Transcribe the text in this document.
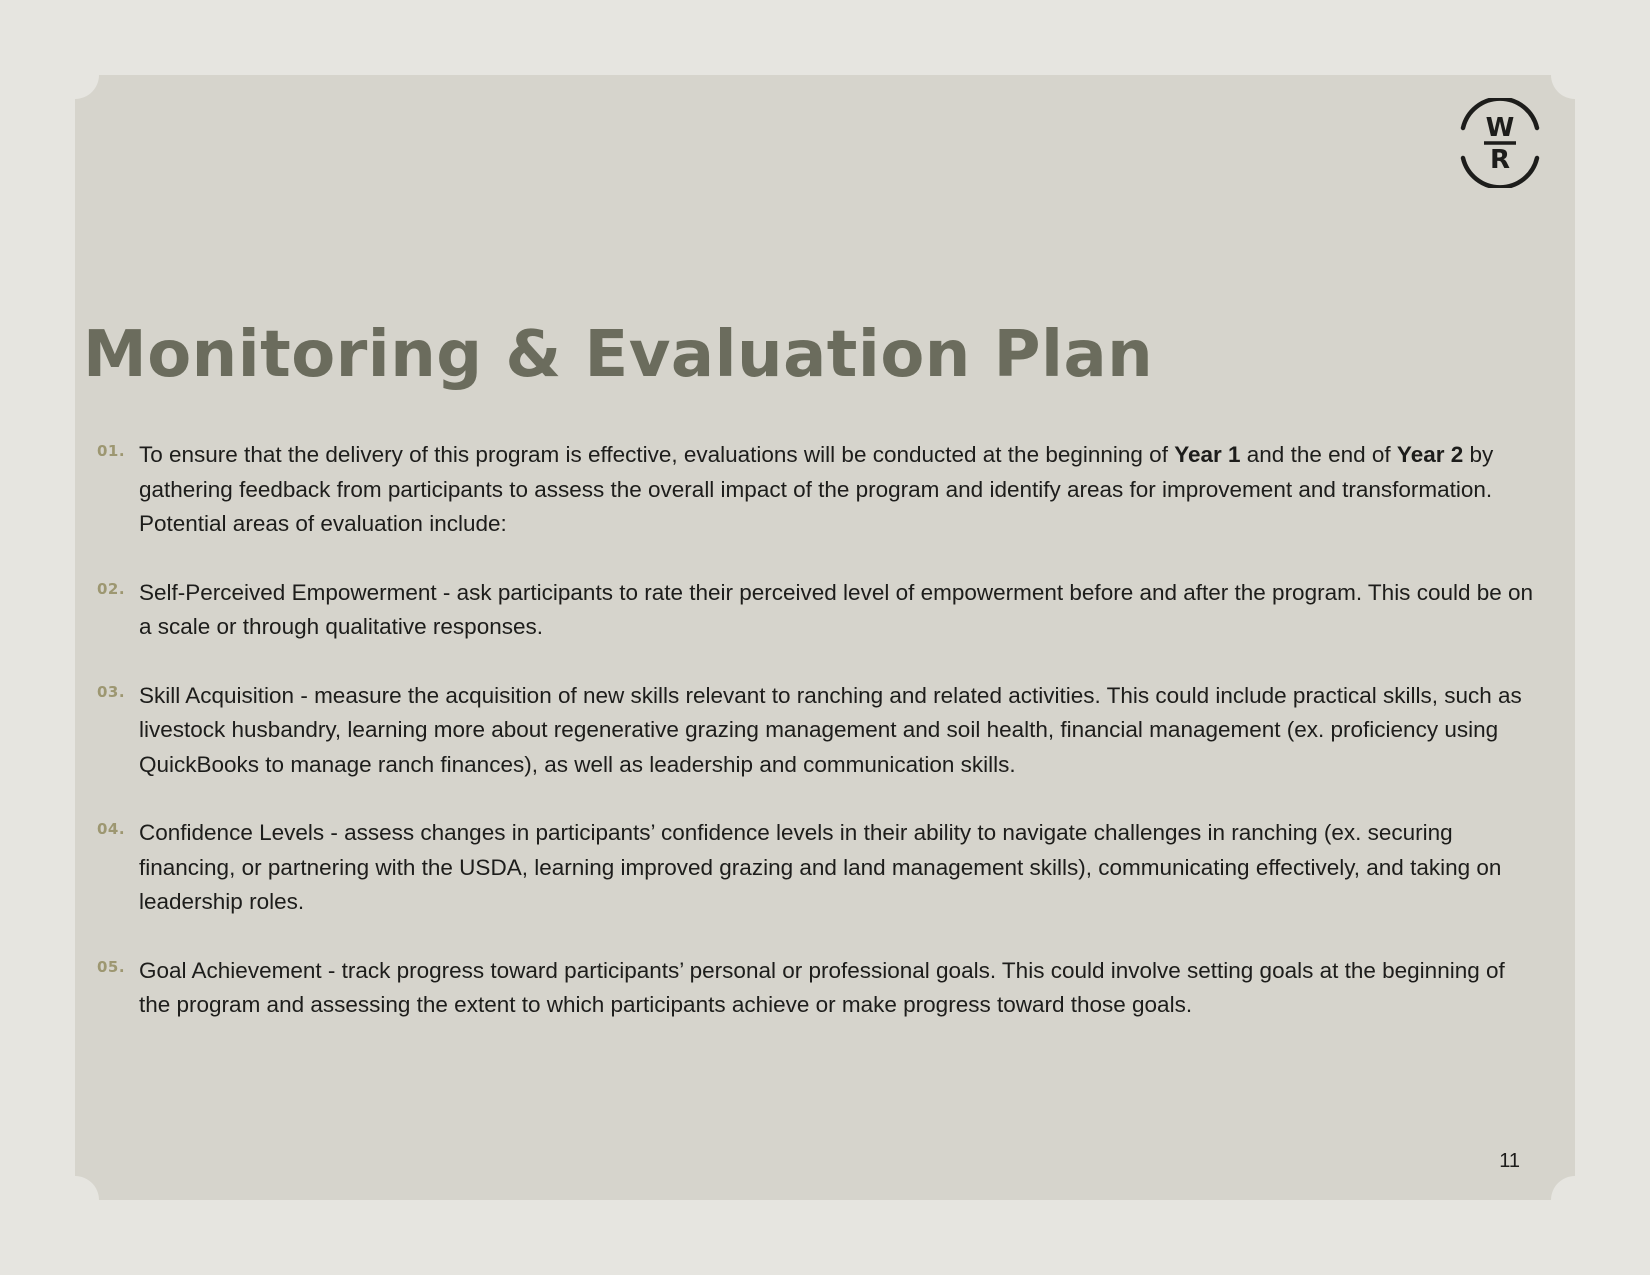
W
R
Monitoring & Evaluation Plan
01. To ensure that the delivery of this program is effective, evaluations will be conducted at the beginning of Year 1 and the end of Year 2 by gathering feedback from participants to assess the overall impact of the program and identify areas for improvement and transformation. Potential areas of evaluation include:
02. Self-Perceived Empowerment - ask participants to rate their perceived level of empowerment before and after the program. This could be on a scale or through qualitative responses.
03. Skill Acquisition - measure the acquisition of new skills relevant to ranching and related activities. This could include practical skills, such as livestock husbandry, learning more about regenerative grazing management and soil health, financial management (ex. proficiency using QuickBooks to manage ranch finances), as well as leadership and communication skills.
04. Confidence Levels - assess changes in participants’ confidence levels in their ability to navigate challenges in ranching (ex. securing financing, or partnering with the USDA, learning improved grazing and land management skills), communicating effectively, and taking on leadership roles.
05. Goal Achievement - track progress toward participants’ personal or professional goals. This could involve setting goals at the beginning of the program and assessing the extent to which participants achieve or make progress toward those goals.
11
